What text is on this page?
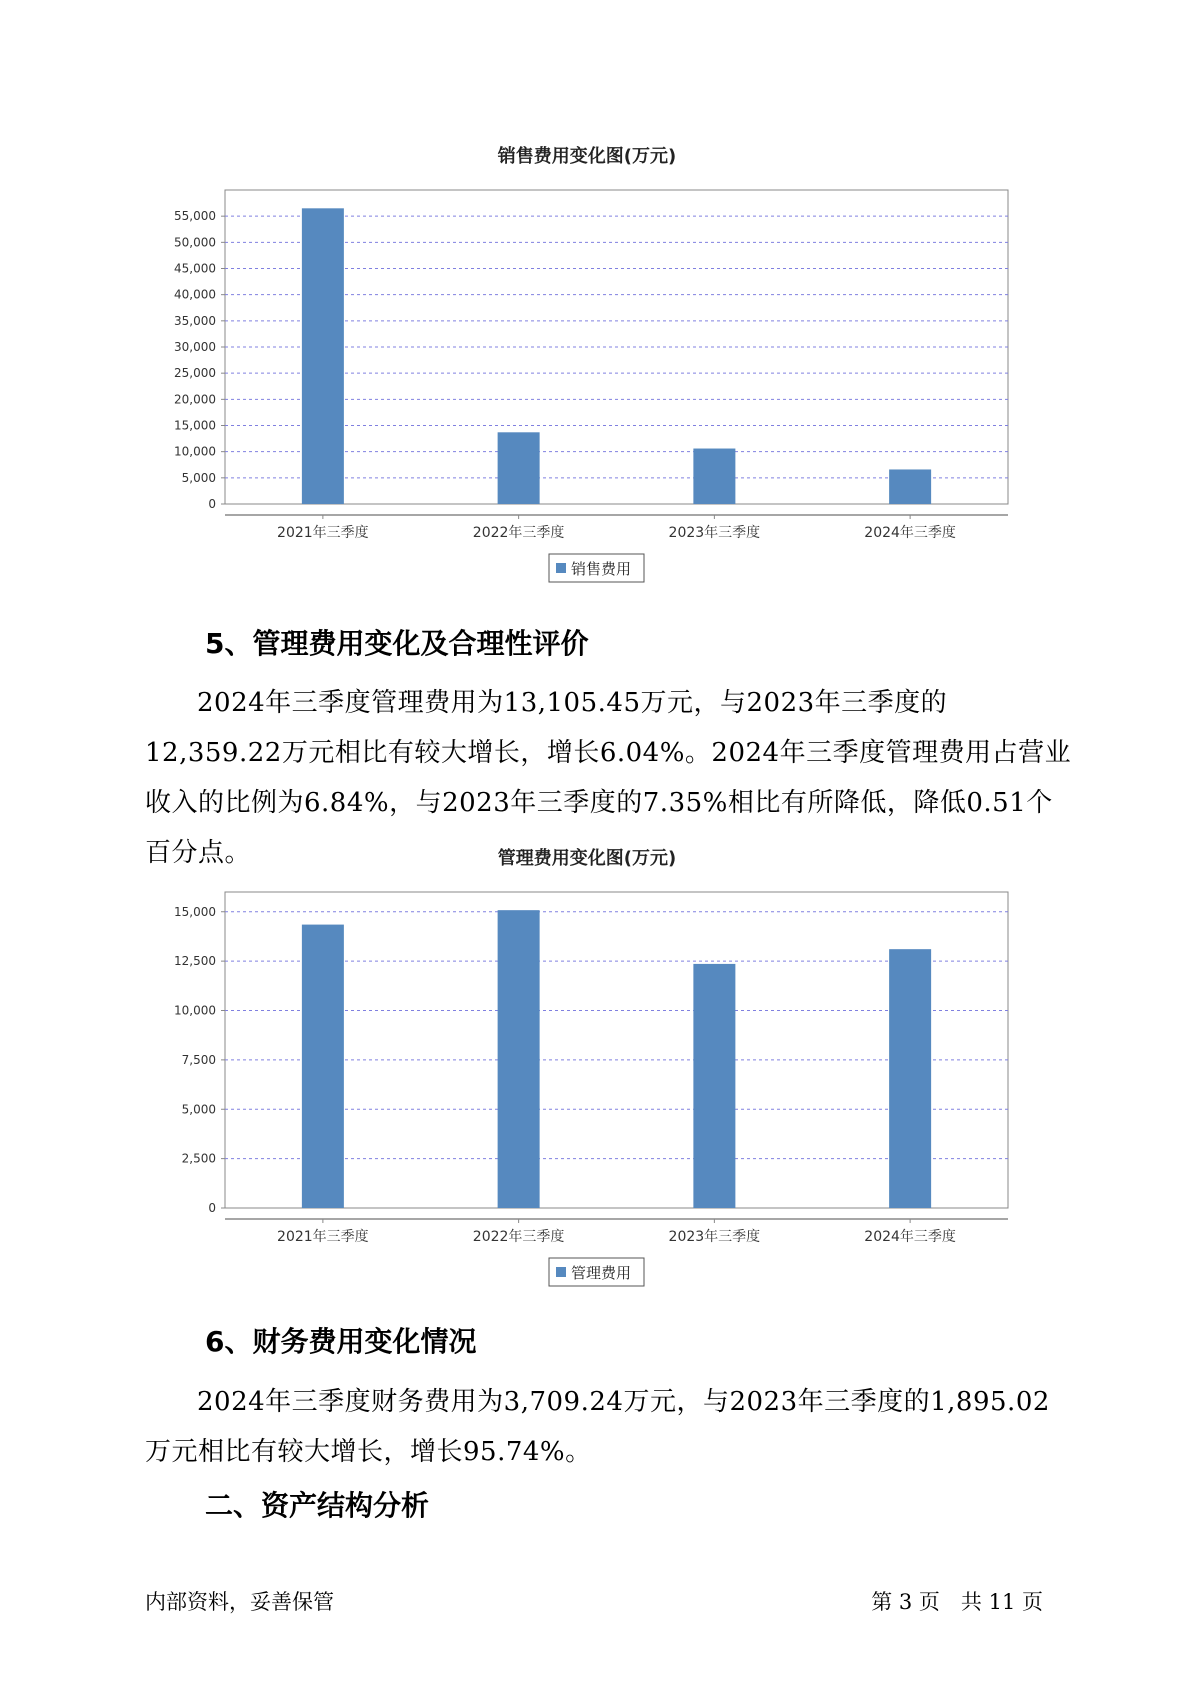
销售费用变化图(万元)
0
5,000
10,000
15,000
20,000
25,000
30,000
35,000
40,000
45,000
50,000
55,000
2021年三季度	2022年三季度	2023年三季度	2024年三季度
销售费用
5、管理费用变化及合理性评价

2024年三季度管理费用为13,105.45万元，与2023年三季度的12,359.22万元相比有较大增长，增长6.04%。2024年三季度管理费用占营业收入的比例为6.84%，与2023年三季度的7.35%相比有所降低，降低0.51个百分点。	管理费用变化图(万元)
0
2,500
5,000
7,500
10,000
12,500
15,000
2021年三季度	2022年三季度	2023年三季度	2024年三季度
管理费用
6、财务费用变化情况

2024年三季度财务费用为3,709.24万元，与2023年三季度的1,895.02万元相比有较大增长，增长95.74%。

二、资产结构分析
内部资料，妥善保管	第 3 页　共 11 页
